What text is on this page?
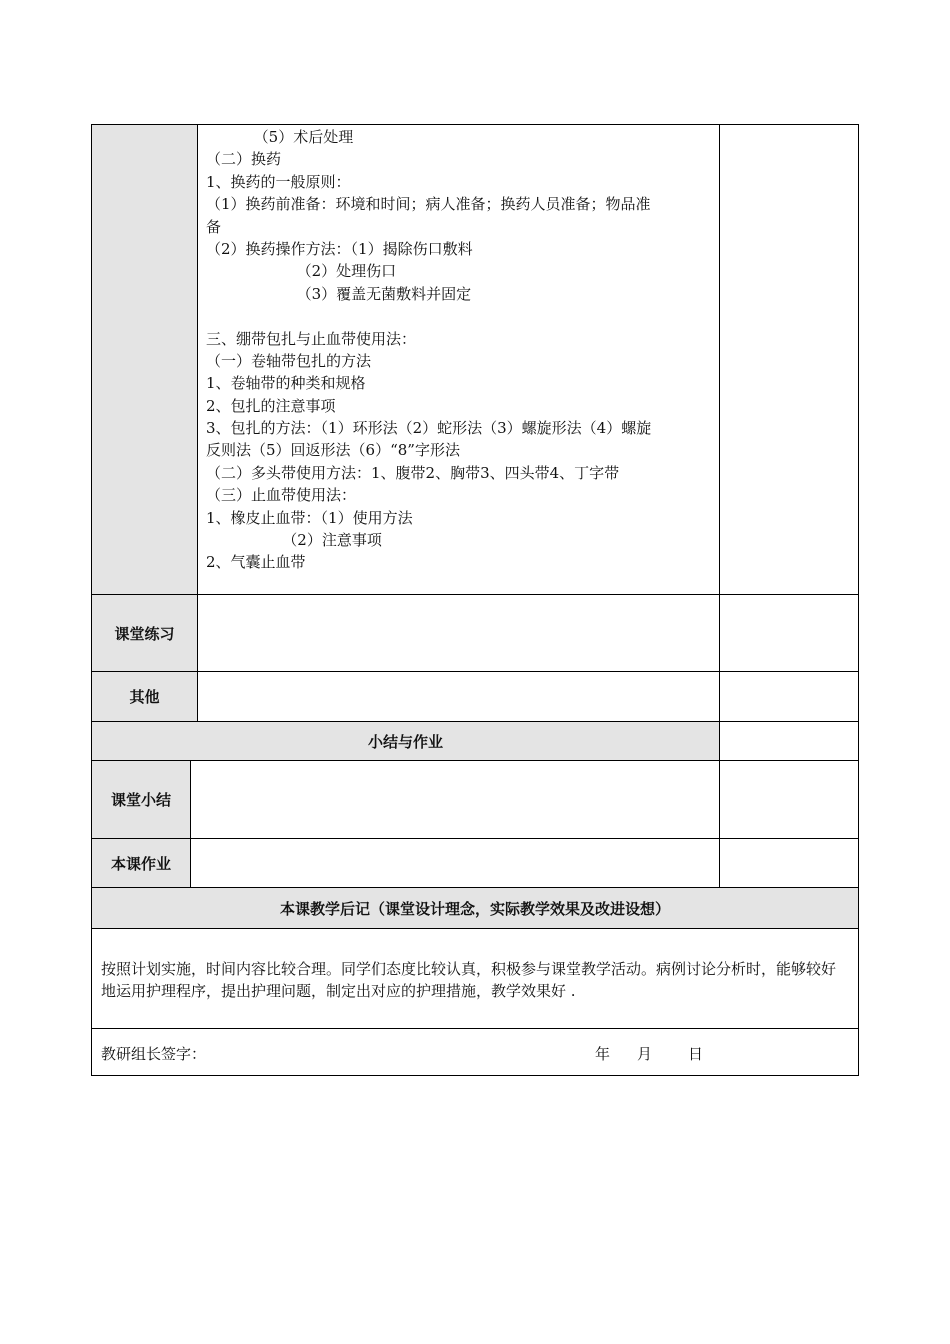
（5）术后处理
（二）换药
1、换药的一般原则：
（1）换药前准备：环境和时间；病人准备；换药人员准备；物品准
备
（2）换药操作方法：（1）揭除伤口敷料
（2）处理伤口
（3）覆盖无菌敷料并固定
三、绷带包扎与止血带使用法：
（一）卷轴带包扎的方法
1、卷轴带的种类和规格
2、包扎的注意事项
3、包扎的方法：（1）环形法（2）蛇形法（3）螺旋形法（4）螺旋
反则法（5）回返形法（6）“8”字形法
（二）多头带使用方法：1、腹带2、胸带3、四头带4、丁字带
（三）止血带使用法：
1、橡皮止血带：（1）使用方法
（2）注意事项
2、气囊止血带
课堂练习
其他
小结与作业
课堂小结
本课作业
本课教学后记（课堂设计理念，实际教学效果及改进设想）
按照计划实施，时间内容比较合理。同学们态度比较认真，积极参与课堂教学活动。病例讨论分析时，能够较好地运用护理程序，提出护理问题，制定出对应的护理措施，教学效果好 .
教研组长签字：	年	月	日
